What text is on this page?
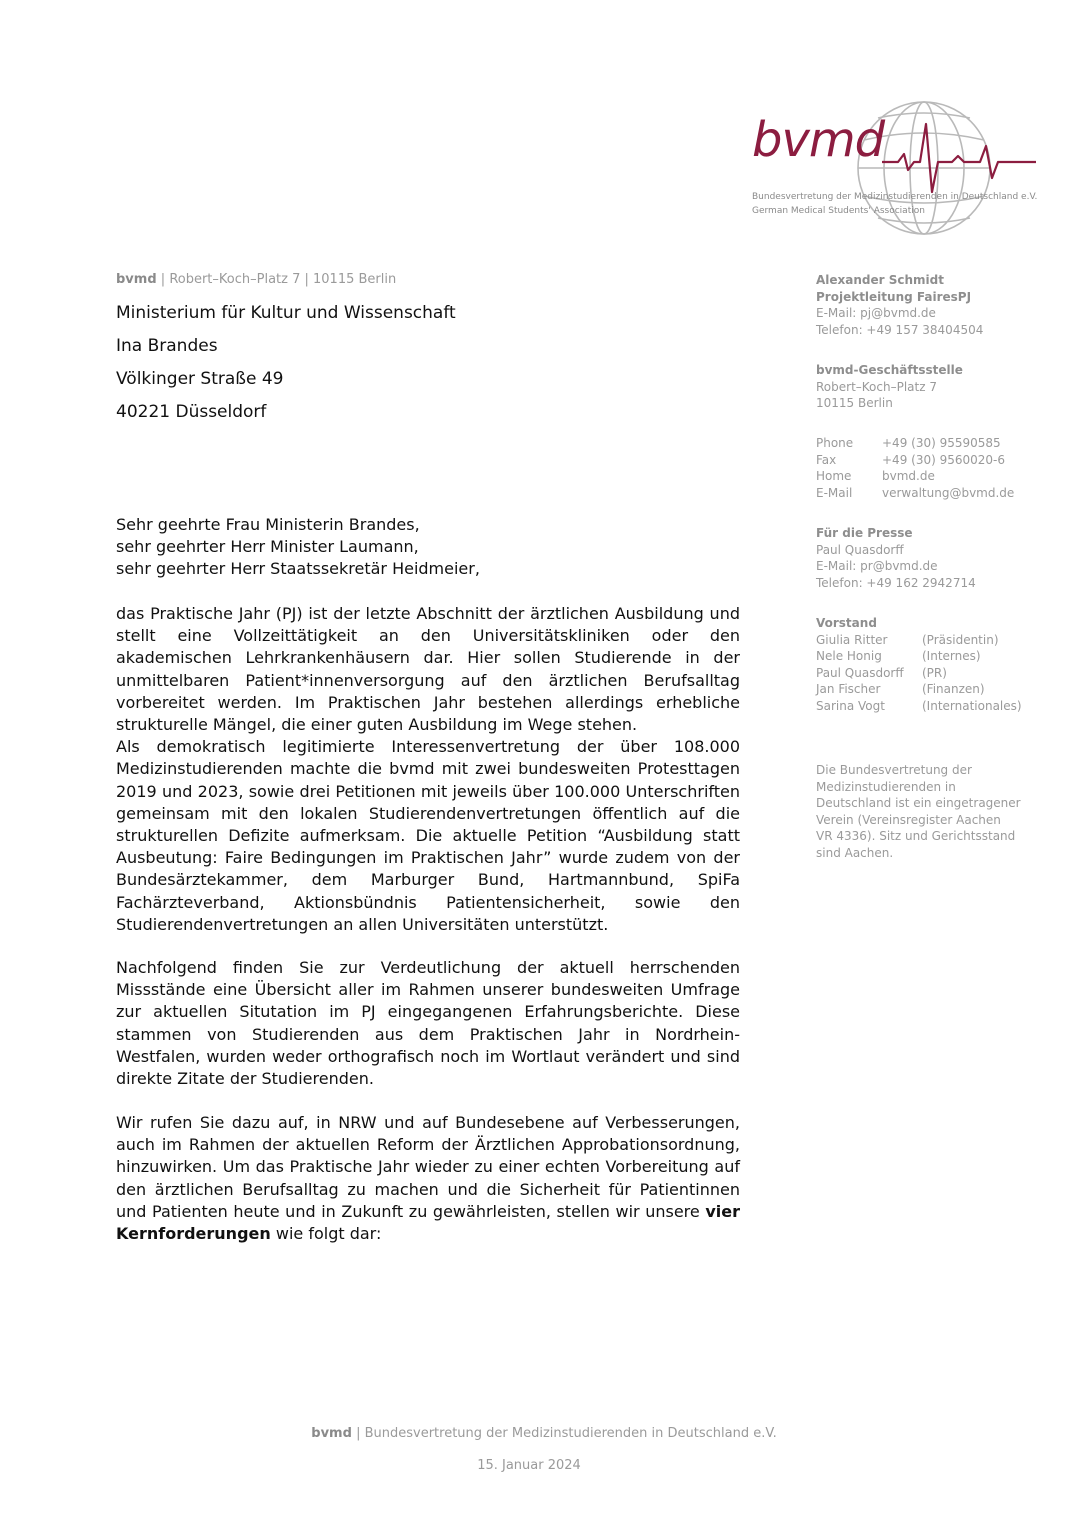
bvmd
Bundesvertretung der Medizinstudierenden in Deutschland e.V.
German Medical Students' Association
bvmd | Robert–Koch–Platz 7 | 10115 Berlin
Ministerium für Kultur und Wissenschaft
Ina Brandes
Völkinger Straße 49
40221 Düsseldorf
Alexander Schmidt
Projektleitung FairesPJ
E-Mail: pj@bvmd.de
Telefon: +49 157 38404504
bvmd-Geschäftsstelle
Robert–Koch–Platz 7
10115 Berlin
Phone	+49 (30) 95590585
Fax	+49 (30) 9560020-6
Home	bvmd.de
E-Mail	verwaltung@bvmd.de
Für die Presse
Paul Quasdorff
E-Mail: pr@bvmd.de
Telefon: +49 162 2942714
Vorstand
Giulia Ritter	(Präsidentin)
Nele Honig	(Internes)
Paul Quasdorff	(PR)
Jan Fischer	(Finanzen)
Sarina Vogt	(Internationales)
Die Bundesvertretung der
Medizinstudierenden in
Deutschland ist ein eingetragener
Verein (Vereinsregister Aachen
VR 4336). Sitz und Gerichtsstand
sind Aachen.
Sehr geehrte Frau Ministerin Brandes,
sehr geehrter Herr Minister Laumann,
sehr geehrter Herr Staatssekretär Heidmeier,

das Praktische Jahr (PJ) ist der letzte Abschnitt der ärztlichen Ausbildung und stellt eine Vollzeittätigkeit an den Universitätskliniken oder den akademischen Lehrkrankenhäusern dar. Hier sollen Studierende in der unmittelbaren Patient*innenversorgung auf den ärztlichen Berufsalltag vorbereitet werden. Im Praktischen Jahr bestehen allerdings erhebliche strukturelle Mängel, die einer guten Ausbildung im Wege stehen.

Als demokratisch legitimierte Interessenvertretung der über 108.000 Medizinstudierenden machte die bvmd mit zwei bundesweiten Protesttagen 2019 und 2023, sowie drei Petitionen mit jeweils über 100.000 Unterschriften gemeinsam mit den lokalen Studierendenvertretungen öffentlich auf die strukturellen Defizite aufmerksam. Die aktuelle Petition “Ausbildung statt Ausbeutung: Faire Bedingungen im Praktischen Jahr” wurde zudem von der Bundesärztekammer, dem Marburger Bund, Hartmannbund, SpiFa Fachärzteverband, Aktionsbündnis Patientensicherheit, sowie den Studierendenvertretungen an allen Universitäten unterstützt.

Nachfolgend finden Sie zur Verdeutlichung der aktuell herrschenden Missstände eine Übersicht aller im Rahmen unserer bundesweiten Umfrage zur aktuellen Situtation im PJ eingegangenen Erfahrungsberichte. Diese stammen von Studierenden aus dem Praktischen Jahr in Nordrhein-Westfalen, wurden weder orthografisch noch im Wortlaut verändert und sind direkte Zitate der Studierenden.

Wir rufen Sie dazu auf, in NRW und auf Bundesebene auf Verbesserungen, auch im Rahmen der aktuellen Reform der Ärztlichen Approbationsordnung, hinzuwirken. Um das Praktische Jahr wieder zu einer echten Vorbereitung auf den ärztlichen Berufsalltag zu machen und die Sicherheit für Patientinnen und Patienten heute und in Zukunft zu gewährleisten, stellen wir unsere vier Kernforderungen wie folgt dar:

bvmd | Bundesvertretung der Medizinstudierenden in Deutschland e.V.
15. Januar 2024
